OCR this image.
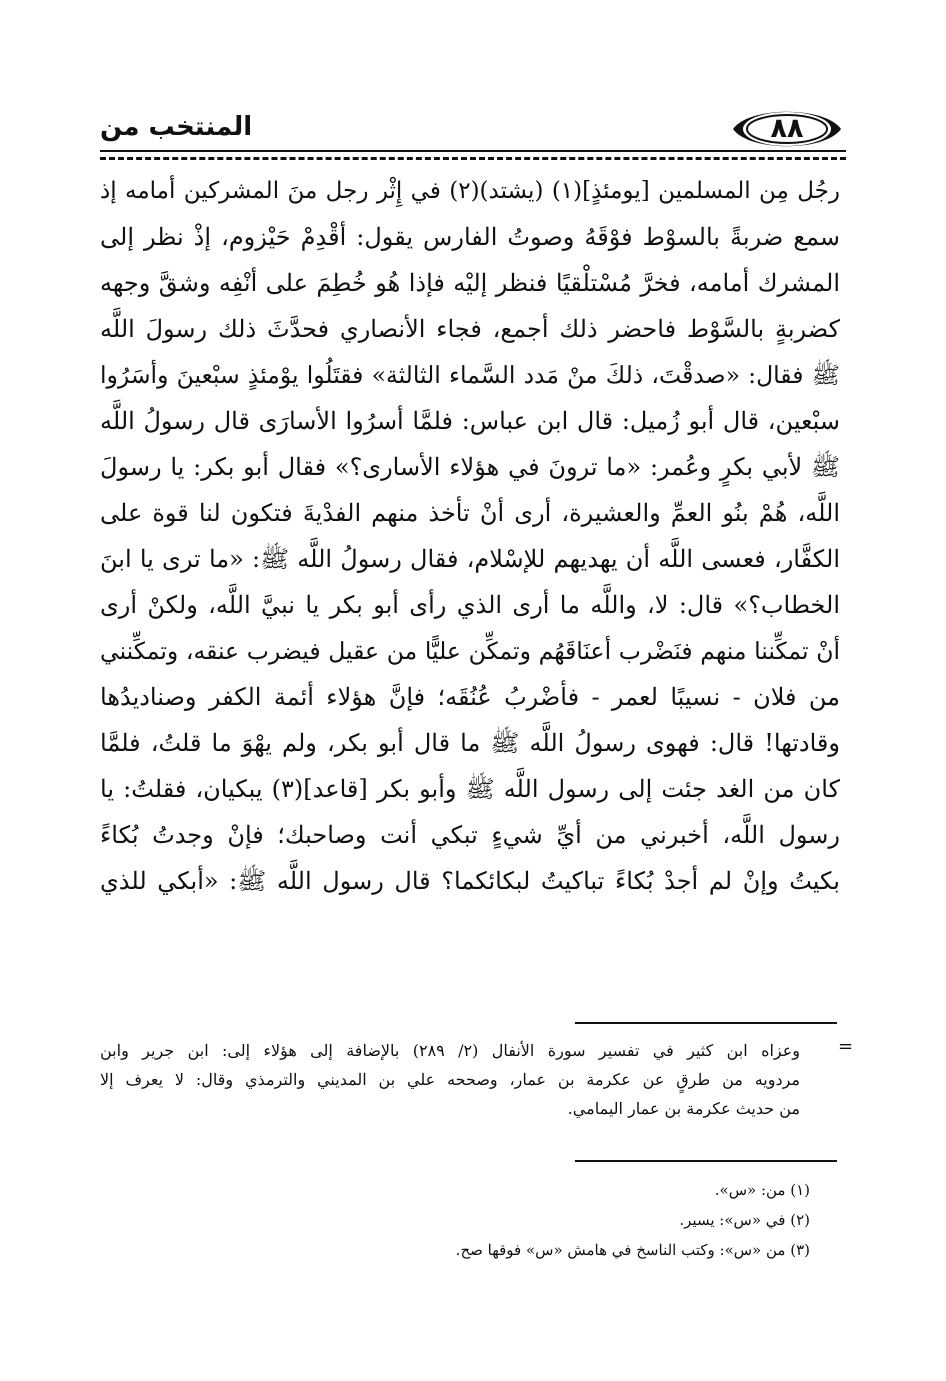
٨٨
المنتخب من
رجُل مِن المسلمين [يومئذٍ](١) (يشتد)(٢) في إِثْر رجل منَ المشركين أمامه إذ
سمع ضربةً بالسوْط فوْقَهُ وصوتُ الفارس يقول: أقْدِمْ حَيْزوم، إذْ نظر إلى
المشرك أمامه، فخرَّ مُسْتلْقيًا فنظر إليْه فإذا هُو خُطِمَ على أنْفِه وشقَّ وجهه
كضربةٍ بالسَّوْط فاحضر ذلك أجمع، فجاء الأنصاري فحدَّثَ ذلك رسولَ اللَّه
ﷺ فقال: «صدقْتَ، ذلكَ منْ مَدد السَّماء الثالثة» فقتَلُوا يوْمئذٍ سبْعينَ وأسَرُوا
سبْعين، قال أبو زُميل: قال ابن عباس: فلمَّا أسرُوا الأسارَى قال رسولُ اللَّه
ﷺ لأبي بكرٍ وعُمر: «ما ترونَ في هؤلاء الأسارى؟» فقال أبو بكر: يا رسولَ
اللَّه، هُمْ بنُو العمِّ والعشيرة، أرى أنْ تأخذ منهم الفدْيةَ فتكون لنا قوة على
الكفَّار، فعسى اللَّه أن يهديهم للإسْلام، فقال رسولُ اللَّه ﷺ: «ما ترى يا ابنَ
الخطاب؟» قال: لا، واللَّه ما أرى الذي رأى أبو بكر يا نبيَّ اللَّه، ولكنْ أرى
أنْ تمكِّننا منهم فنَضْرب أعنَاقَهُم وتمكِّن عليًّا من عقيل فيضرب عنقه، وتمكِّنني
من فلان - نسيبًا لعمر - فأضْربُ عُنُقَه؛ فإنَّ هؤلاء أئمة الكفر وصناديدُها
وقادتها! قال: فهوى رسولُ اللَّه ﷺ ما قال أبو بكر، ولم يهْوَ ما قلتُ، فلمَّا
كان من الغد جئت إلى رسول اللَّه ﷺ وأبو بكر [قاعد](٣) يبكيان، فقلتُ: يا
رسول اللَّه، أخبرني من أيِّ شيءٍ تبكي أنت وصاحبك؛ فإنْ وجدتُ بُكاءً
بكيتُ وإنْ لم أجدْ بُكاءً تباكيتُ لبكائكما؟ قال رسول اللَّه ﷺ: «أبكي للذي
=
وعزاه ابن كثير في تفسير سورة الأنفال (٢/ ٢٨٩) بالإضافة إلى هؤلاء إلى: ابن جرير وابن
مردويه من طرقٍ عن عكرمة بن عمار، وصححه علي بن المديني والترمذي وقال: لا يعرف إلا
من حديث عكرمة بن عمار اليمامي.
(١) من: «س».
(٢) في «س»: يسير.
(٣) من «س»: وكتب الناسخ في هامش «س» فوقها صح.
